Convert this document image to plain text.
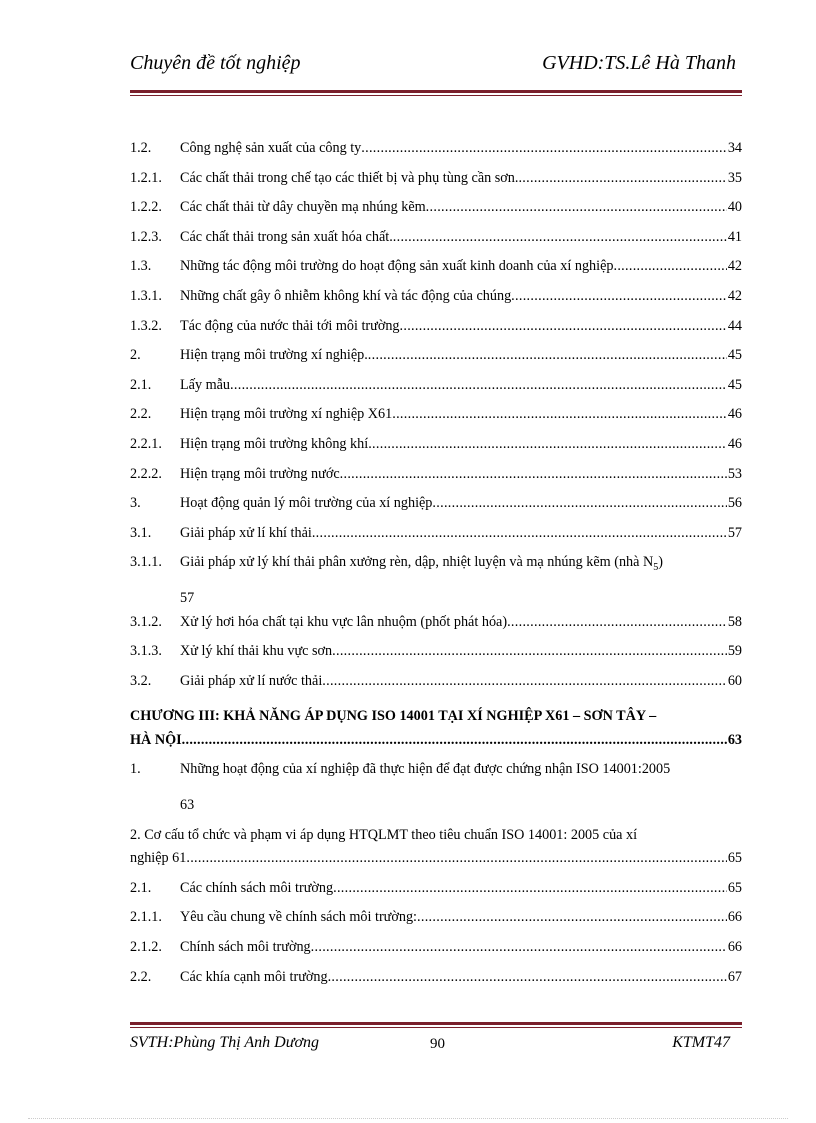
Chuyên đề tốt nghiệp	GVHD:TS.Lê Hà Thanh
1.2.	Công nghệ sản xuất của công ty .....	34
1.2.1.	Các chất thải trong chế tạo các thiết bị và phụ tùng cần sơn. .....	35
1.2.2.	Các chất thải từ dây chuyền mạ nhúng kẽm .....	40
1.2.3.	Các chất thải trong sản xuất hóa chất. .....	41
1.3.	Những tác động môi trường do hoạt động sản xuất kinh doanh của xí nghiệp .....	42
1.3.1.	Những chất gây ô nhiễm không khí và tác động của chúng .....	42
1.3.2.	Tác động của nước thải tới môi trường .....	44
2.	Hiện trạng môi trường xí nghiệp. .....	45
2.1.	Lấy mẫu .....	45
2.2.	Hiện trạng môi trường xí nghiệp X61 .....	46
2.2.1.	Hiện trạng môi trường không khí .....	46
2.2.2.	Hiện trạng môi trường nước .....	53
3.	Hoạt động quản lý môi trường của xí nghiệp .....	56
3.1.	Giải pháp xử lí khí thải .....	57
3.1.1.	Giải pháp xử lý khí thải phân xưởng rèn, dập, nhiệt luyện và mạ nhúng kẽm (nhà $N_5$)
57
3.1.2.	Xử lý hơi hóa chất tại khu vực lân nhuộm (phốt phát hóa) .....	58
3.1.3.	Xử lý khí thải khu vực sơn .....	59
3.2.	Giải pháp xử lí nước thải .....	60
CHƯƠNG III: KHẢ NĂNG ÁP DỤNG ISO 14001 TẠI XÍ NGHIỆP X61 – SƠN TÂY –
HÀ NỘI .....	63
1.	Những hoạt động của xí nghiệp đã thực hiện để đạt được chứng nhận ISO 14001:2005
63
2. Cơ cấu tổ chức và phạm vi áp dụng HTQLMT theo tiêu chuẩn ISO 14001: 2005 của xí
nghiệp 61 .....	65
2.1.	Các chính sách môi trường .....	65
2.1.1.	Yêu cầu chung về chính sách môi trường: .....	66
2.1.2.	Chính sách môi trường .....	66
2.2.	Các khía cạnh môi trường .....	67
SVTH:Phùng Thị Anh Dương	90	KTMT47
